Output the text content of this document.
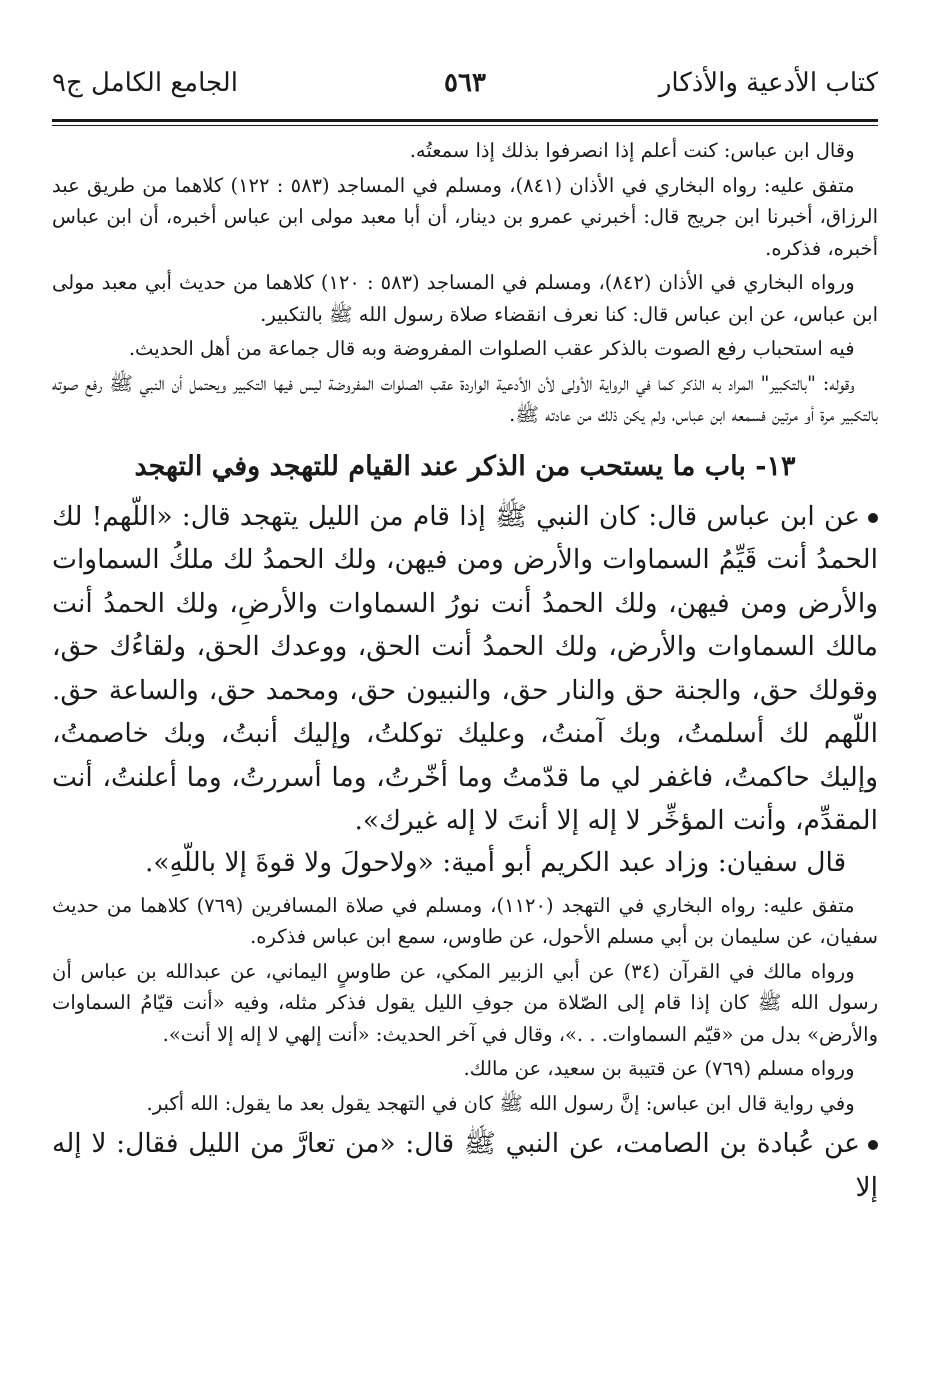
كتاب الأدعية والأذكار
٥٦٣
الجامع الكامل ج٩

وقال ابن عباس: كنت أعلم إذا انصرفوا بذلك إذا سمعتُه.

متفق عليه: رواه البخاري في الأذان (٨٤١)، ومسلم في المساجد (٥٨٣ : ١٢٢) كلاهما من طريق عبد الرزاق، أخبرنا ابن جريج قال: أخبرني عمرو بن دينار، أن أبا معبد مولى ابن عباس أخبره، أن ابن عباس أخبره، فذكره.

ورواه البخاري في الأذان (٨٤٢)، ومسلم في المساجد (٥٨٣ : ١٢٠) كلاهما من حديث أبي معبد مولى ابن عباس، عن ابن عباس قال: كنا نعرف انقضاء صلاة رسول الله ﷺ بالتكبير.

فيه استحباب رفع الصوت بالذكر عقب الصلوات المفروضة وبه قال جماعة من أهل الحديث.

وقوله: "بالتكبير" المراد به الذكر كما في الرواية الأولى لأن الأدعية الواردة عقب الصلوات المفروضة ليس فيها التكبير ويحتمل أن النبي ﷺ رفع صوته بالتكبير مرة أو مرتين فسمعه ابن عباس، ولم يكن ذلك من عادته ﷺ.

١٣- باب ما يستحب من الذكر عند القيام للتهجد وفي التهجد

عن ابن عباس قال: كان النبي ﷺ إذا قام من الليل يتهجد قال: «اللّهم! لك الحمدُ أنت قَيِّمُ السماوات والأرض ومن فيهن، ولك الحمدُ لك ملكُ السماوات والأرض ومن فيهن، ولك الحمدُ أنت نورُ السماوات والأرضِ، ولك الحمدُ أنت مالك السماوات والأرض، ولك الحمدُ أنت الحق، ووعدك الحق، ولقاءُك حق، وقولك حق، والجنة حق والنار حق، والنبيون حق، ومحمد حق، والساعة حق. اللّهم لك أسلمتُ، وبك آمنتُ، وعليك توكلتُ، وإليك أنبتُ، وبك خاصمتُ، وإليك حاكمتُ، فاغفر لي ما قدّمتُ وما أخّرتُ، وما أسررتُ، وما أعلنتُ، أنت المقدِّم، وأنت المؤخِّر لا إله إلا أنتَ لا إله غيرك».

قال سفيان: وزاد عبد الكريم أبو أمية: «ولاحولَ ولا قوةَ إلا باللّهِ».

متفق عليه: رواه البخاري في التهجد (١١٢٠)، ومسلم في صلاة المسافرين (٧٦٩) كلاهما من حديث سفيان، عن سليمان بن أبي مسلم الأحول، عن طاوس، سمع ابن عباس فذكره.

ورواه مالك في القرآن (٣٤) عن أبي الزبير المكي، عن طاوسٍ اليماني، عن عبدالله بن عباس أن رسول الله ﷺ كان إذا قام إلى الصّلاة من جوفِ الليل يقول فذكر مثله، وفيه «أنت قيّامُ السماوات والأرض» بدل من «قيّم السماوات. . .»، وقال في آخر الحديث: «أنت إلهي لا إله إلا أنت».

ورواه مسلم (٧٦٩) عن قتيبة بن سعيد، عن مالك.

وفي رواية قال ابن عباس: إنَّ رسول الله ﷺ كان في التهجد يقول بعد ما يقول: الله أكبر.

عن عُبادة بن الصامت، عن النبي ﷺ قال: «من تعارَّ من الليل فقال: لا إله إلا
